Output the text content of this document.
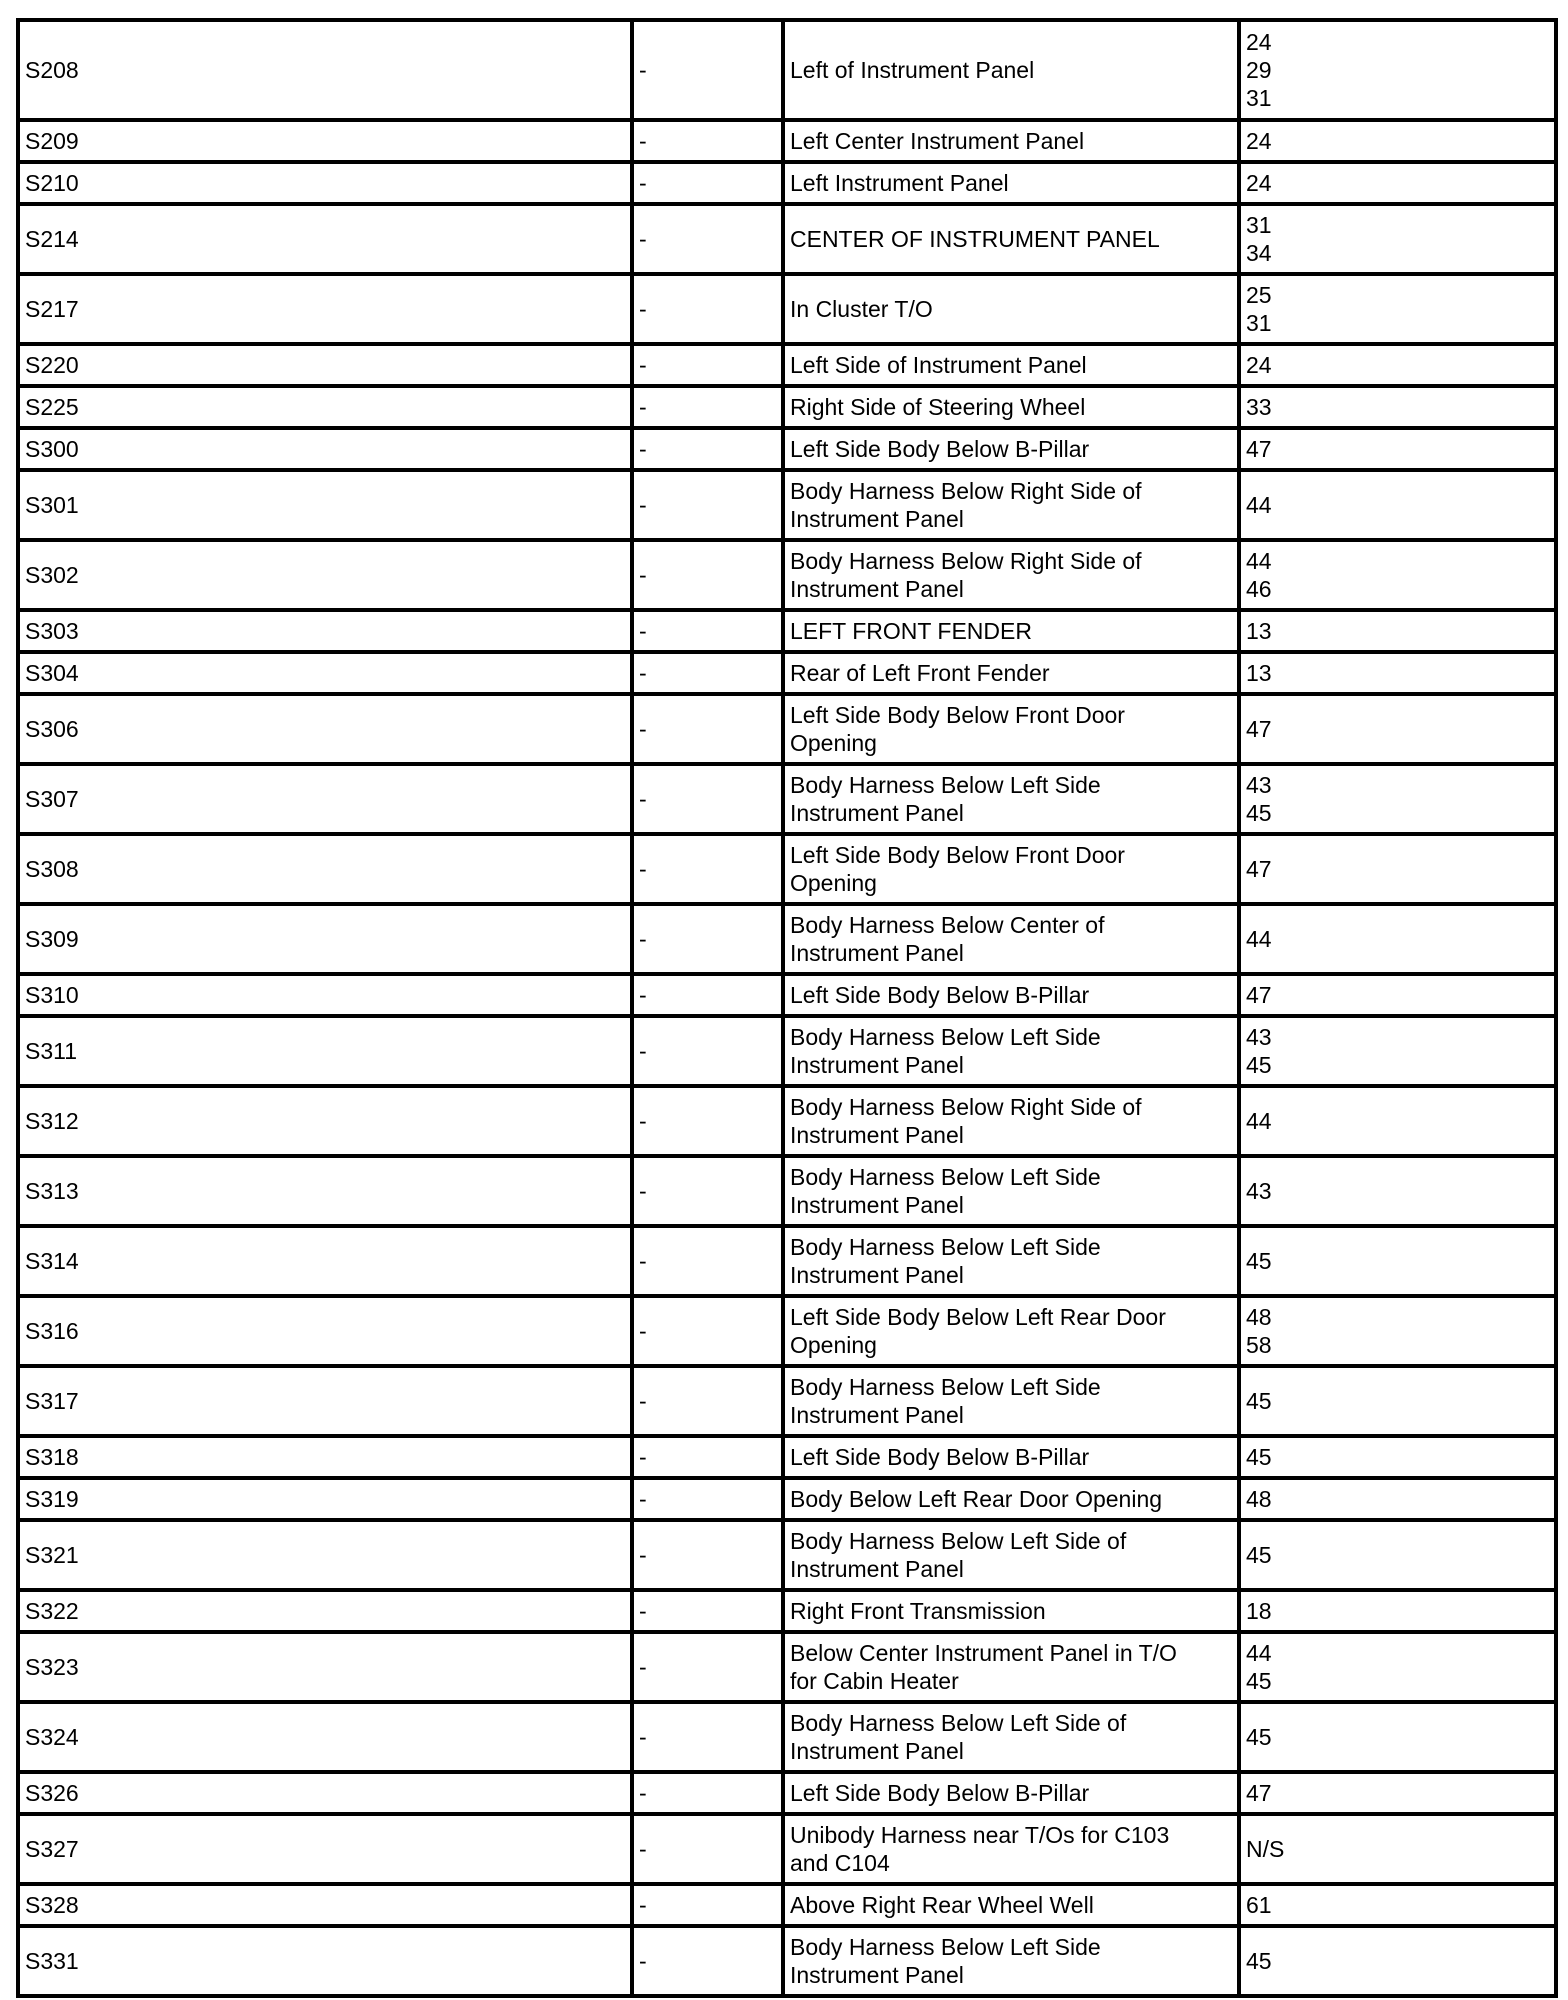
S208	-	Left of Instrument Panel	24
29
31

S209	-	Left Center Instrument Panel	24

S210	-	Left Instrument Panel	24

S214	-	CENTER OF INSTRUMENT PANEL	31
34

S217	-	In Cluster T/O	25
31

S220	-	Left Side of Instrument Panel	24

S225	-	Right Side of Steering Wheel	33

S300	-	Left Side Body Below B-Pillar	47

S301	-	Body Harness Below Right Side of
Instrument Panel	44

S302	-	Body Harness Below Right Side of
Instrument Panel	44
46

S303	-	LEFT FRONT FENDER	13

S304	-	Rear of Left Front Fender	13

S306	-	Left Side Body Below Front Door
Opening	47

S307	-	Body Harness Below Left Side
Instrument Panel	43
45

S308	-	Left Side Body Below Front Door
Opening	47

S309	-	Body Harness Below Center of
Instrument Panel	44

S310	-	Left Side Body Below B-Pillar	47

S311	-	Body Harness Below Left Side
Instrument Panel	43
45

S312	-	Body Harness Below Right Side of
Instrument Panel	44

S313	-	Body Harness Below Left Side
Instrument Panel	43

S314	-	Body Harness Below Left Side
Instrument Panel	45

S316	-	Left Side Body Below Left Rear Door
Opening	48
58

S317	-	Body Harness Below Left Side
Instrument Panel	45

S318	-	Left Side Body Below B-Pillar	45

S319	-	Body Below Left Rear Door Opening	48

S321	-	Body Harness Below Left Side of
Instrument Panel	45

S322	-	Right Front Transmission	18

S323	-	Below Center Instrument Panel in T/O
for Cabin Heater	44
45

S324	-	Body Harness Below Left Side of
Instrument Panel	45

S326	-	Left Side Body Below B-Pillar	47

S327	-	Unibody Harness near T/Os for C103
and C104	N/S

S328	-	Above Right Rear Wheel Well	61

S331	-	Body Harness Below Left Side
Instrument Panel	45
